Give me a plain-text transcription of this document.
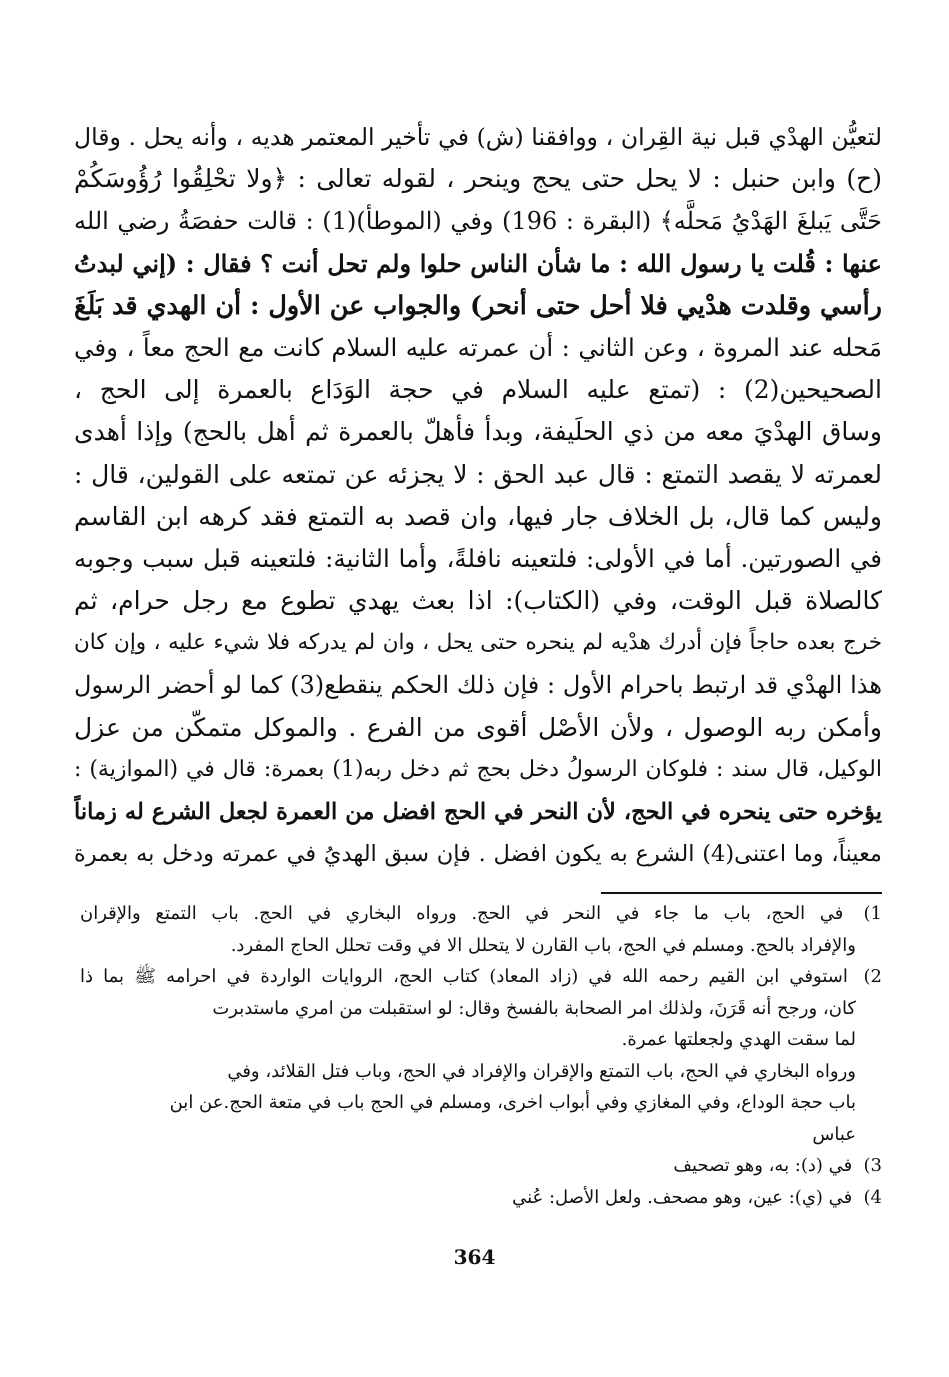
لتعيُّن الهدْي قبل نية القِران ، ووافقنا (ش) في تأخير المعتمر هديه ، وأنه يحل . وقال
(ح) وابن حنبل : لا يحل حتى يحج وينحر ، لقوله تعالى : ﴿ولا تحْلِقُوا رُؤُوسَكُمْ
حَتَّى يَبلغَ الهَدْيُ مَحلَّه﴾ (البقرة : 196) وفي (الموطأ)(1) : قالت حفصَةُ رضي الله
عنها : قُلت يا رسول الله : ما شأن الناس حلوا ولم تحل أنت ؟ فقال : (إني لبدتُ
رأسي وقلدت هدْيي فلا أحل حتى أنحر) والجواب عن الأول : أن الهدي قد بَلَغَ
مَحله عند المروة ، وعن الثاني : أن عمرته عليه السلام كانت مع الحج معاً ، وفي
الصحيحين(2) : (تمتع عليه السلام في حجة الوَدَاع بالعمرة إلى الحج ،
وساق الهدْيَ معه من ذي الحلَيفة، وبدأ فأهلّ بالعمرة ثم أهل بالحج) وإذا أهدى
لعمرته لا يقصد التمتع : قال عبد الحق : لا يجزئه عن تمتعه على القولين، قال :
وليس كما قال، بل الخلاف جار فيها، وان قصد به التمتع فقد كرهه ابن القاسم
في الصورتين. أما في الأولى: فلتعينه نافلةً، وأما الثانية: فلتعينه قبل سبب وجوبه
كالصلاة قبل الوقت، وفي (الكتاب): اذا بعث يهدي تطوع مع رجل حرام، ثم
خرج بعده حاجاً فإن أدرك هدْيه لم ينحره حتى يحل ، وان لم يدركه فلا شيء عليه ، وإن كان
هذا الهدْي قد ارتبط باحرام الأول : فإن ذلك الحكم ينقطع(3) كما لو أحضر الرسول
وأمكن ربه الوصول ، ولأن الأصْل أقوى من الفرع . والموكل متمكّن من عزل
الوكيل، قال سند : فلوكان الرسولُ دخل بحج ثم دخل ربه(1) بعمرة: قال في (الموازية) :
يؤخره حتى ينحره في الحج، لأن النحر في الحج افضل من العمرة لجعل الشرع له زماناً
معيناً، وما اعتنى(4) الشرع به يكون افضل . فإن سبق الهديُ في عمرته ودخل به بعمرة
1) في الحج، باب ما جاء في النحر في الحج. ورواه البخاري في الحج. باب التمتع والإقران
والإفراد بالحج. ومسلم في الحج، باب القارن لا يتحلل الا في وقت تحلل الحاج المفرد.
2) استوفي ابن القيم رحمه الله في (زاد المعاد) كتاب الحج، الروايات الواردة في احرامه ﷺ بما ذا
كان، ورجح أنه قَرَنَ، ولذلك امر الصحابة بالفسخ وقال: لو استقبلت من امري ماستدبرت
لما سقت الهدي ولجعلتها عمرة.
ورواه البخاري في الحج، باب التمتع والإقران والإفراد في الحج، وباب فتل القلائد، وفي
باب حجة الوداع، وفي المغازي وفي أبواب اخرى، ومسلم في الحج باب في متعة الحج.عن ابن
عباس
3) في (د): به، وهو تصحيف
4) في (ي): عين، وهو مصحف. ولعل الأصل: عُني
364
